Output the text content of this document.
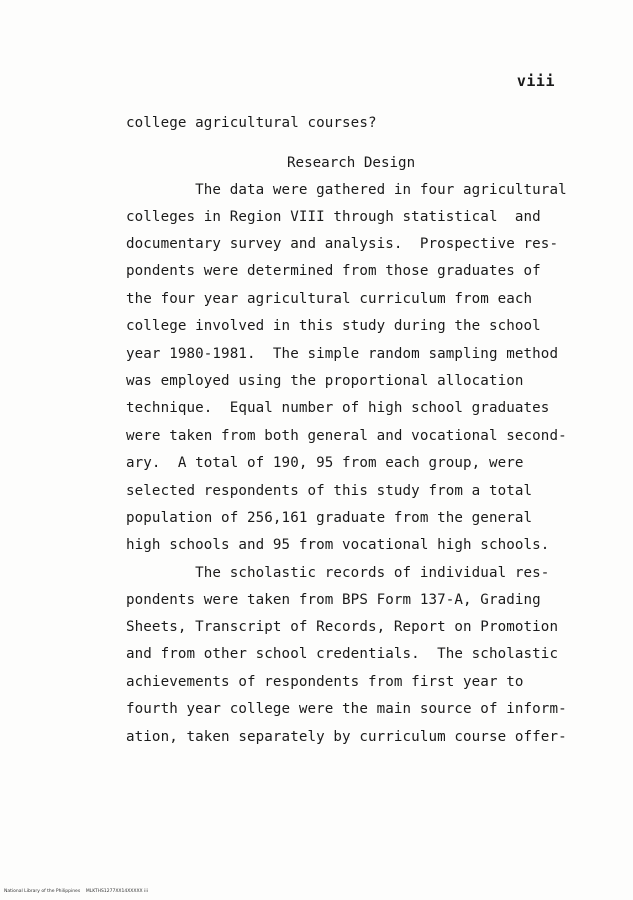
viii
college agricultural courses?
Research Design
The data were gathered in four agricultural
colleges in Region VIII through statistical  and
documentary survey and analysis.  Prospective res-
pondents were determined from those graduates of
the four year agricultural curriculum from each
college involved in this study during the school
year 1980-1981.  The simple random sampling method
was employed using the proportional allocation
technique.  Equal number of high school graduates
were taken from both general and vocational second-
ary.  A total of 190, 95 from each group, were
selected respondents of this study from a total
population of 256,161 graduate from the general
high schools and 95 from vocational high schools.
The scholastic records of individual res-
pondents were taken from BPS Form 137-A, Grading
Sheets, Transcript of Records, Report on Promotion
and from other school credentials.  The scholastic
achievements of respondents from first year to
fourth year college were the main source of inform-
ation, taken separately by curriculum course offer-
National Library of the Philippines    MLKTHS1277XX14XXXXX iii
